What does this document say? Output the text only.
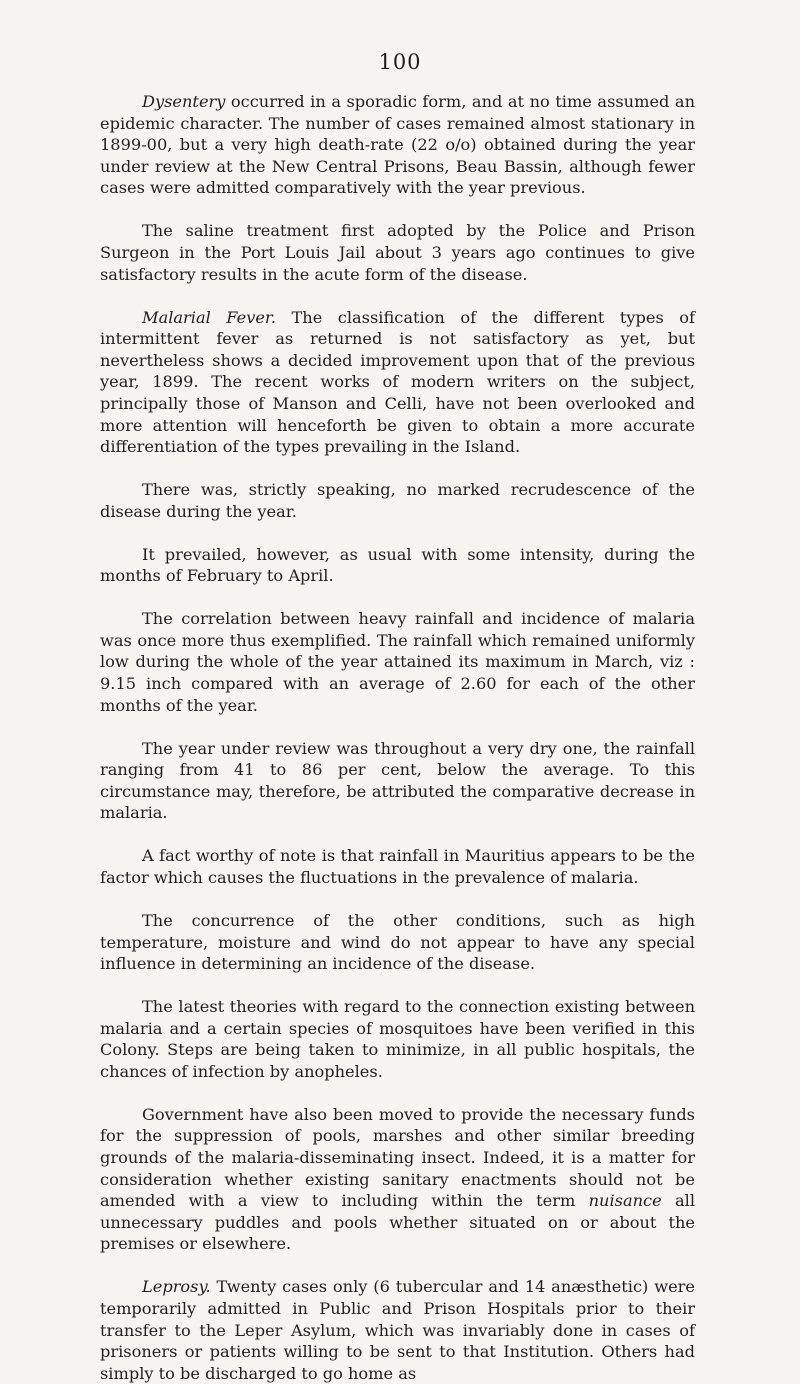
100

Dysentery occurred in a sporadic form, and at no time assumed an epidemic character. The number of cases remained almost stationary in 1899-00, but a very high death-rate (22 o/o) obtained during the year under review at the New Central Prisons, Beau Bassin, although fewer cases were admitted comparatively with the year previous.

The saline treatment first adopted by the Police and Prison Surgeon in the Port Louis Jail about 3 years ago continues to give satisfactory results in the acute form of the disease.

Malarial Fever. The classification of the different types of intermittent fever as returned is not satisfactory as yet, but nevertheless shows a decided improvement upon that of the previous year, 1899. The recent works of modern writers on the subject, principally those of Manson and Celli, have not been overlooked and more attention will henceforth be given to obtain a more accurate differentiation of the types prevailing in the Island.

There was, strictly speaking, no marked recrudescence of the disease during the year.

It prevailed, however, as usual with some intensity, during the months of February to April.

The correlation between heavy rainfall and incidence of malaria was once more thus exemplified. The rainfall which remained uniformly low during the whole of the year attained its maximum in March, viz : 9.15 inch compared with an average of 2.60 for each of the other months of the year.

The year under review was throughout a very dry one, the rainfall ranging from 41 to 86 per cent, below the average. To this circumstance may, therefore, be attributed the comparative decrease in malaria.

A fact worthy of note is that rainfall in Mauritius appears to be the factor which causes the fluctuations in the prevalence of malaria.

The concurrence of the other conditions, such as high temperature, moisture and wind do not appear to have any special influence in determining an incidence of the disease.

The latest theories with regard to the connection existing between malaria and a certain species of mosquitoes have been verified in this Colony. Steps are being taken to minimize, in all public hospitals, the chances of infection by anopheles.

Government have also been moved to provide the necessary funds for the suppression of pools, marshes and other similar breeding grounds of the malaria-disseminating insect. Indeed, it is a matter for consideration whether existing sanitary enactments should not be amended with a view to including within the term nuisance all unnecessary puddles and pools whether situated on or about the premises or elsewhere.

Leprosy. Twenty cases only (6 tubercular and 14 anæsthetic) were temporarily admitted in Public and Prison Hospitals prior to their transfer to the Leper Asylum, which was invariably done in cases of prisoners or patients willing to be sent to that Institution. Others had simply to be discharged to go home as
